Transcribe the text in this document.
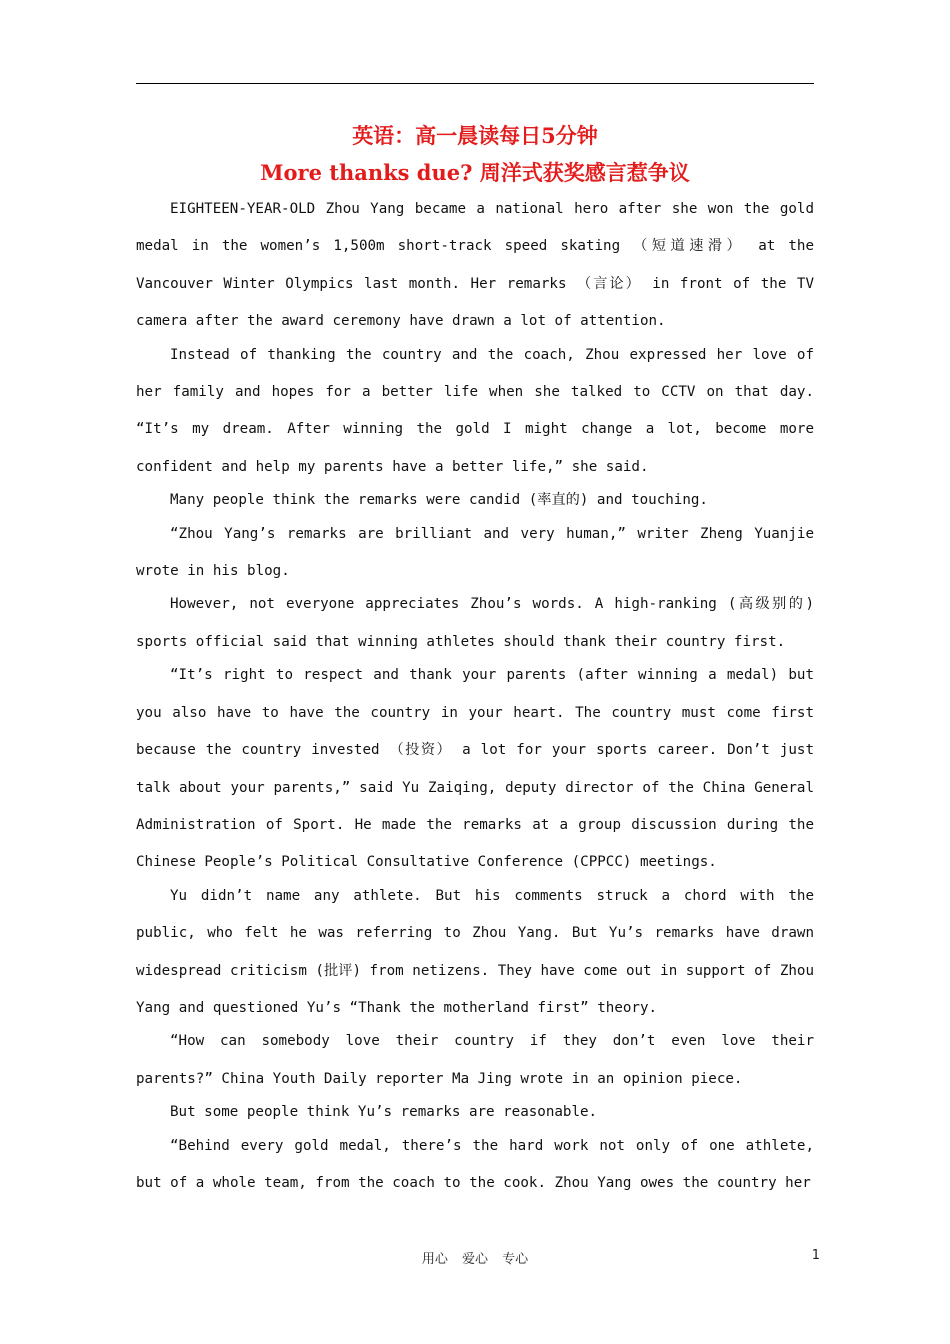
英语：高一晨读每日5分钟
More thanks due? 周洋式获奖感言惹争议

EIGHTEEN-YEAR-OLD Zhou Yang became a national hero after she won the gold medal in the women’s 1,500m short-track speed skating （短道速滑） at the Vancouver Winter Olympics last month. Her remarks （言论） in front of the TV camera after the award ceremony have drawn a lot of attention.

Instead of thanking the country and the coach, Zhou expressed her love of her family and hopes for a better life when she talked to CCTV on that day. “It’s my dream. After winning the gold I might change a lot, become more confident and help my parents have a better life,” she said.

Many people think the remarks were candid (率直的) and touching.

“Zhou Yang’s remarks are brilliant and very human,” writer Zheng Yuanjie wrote in his blog.

However, not everyone appreciates Zhou’s words. A high-ranking (高级别的) sports official said that winning athletes should thank their country first.

“It’s right to respect and thank your parents (after winning a medal) but you also have to have the country in your heart. The country must come first because the country invested （投资） a lot for your sports career. Don’t just talk about your parents,” said Yu Zaiqing, deputy director of the China General Administration of Sport. He made the remarks at a group discussion during the Chinese People’s Political Consultative Conference (CPPCC) meetings.

Yu didn’t name any athlete. But his comments struck a chord with the public, who felt he was referring to Zhou Yang. But Yu’s remarks have drawn widespread criticism (批评) from netizens. They have come out in support of Zhou Yang and questioned Yu’s “Thank the motherland first” theory.

“How can somebody love their country if they don’t even love their parents?” China Youth Daily reporter Ma Jing wrote in an opinion piece.

But some people think Yu’s remarks are reasonable.

“Behind every gold medal, there’s the hard work not only of one athlete, but of a whole team, from the coach to the cook. Zhou Yang owes the country her

用心 爱心 专心	1
